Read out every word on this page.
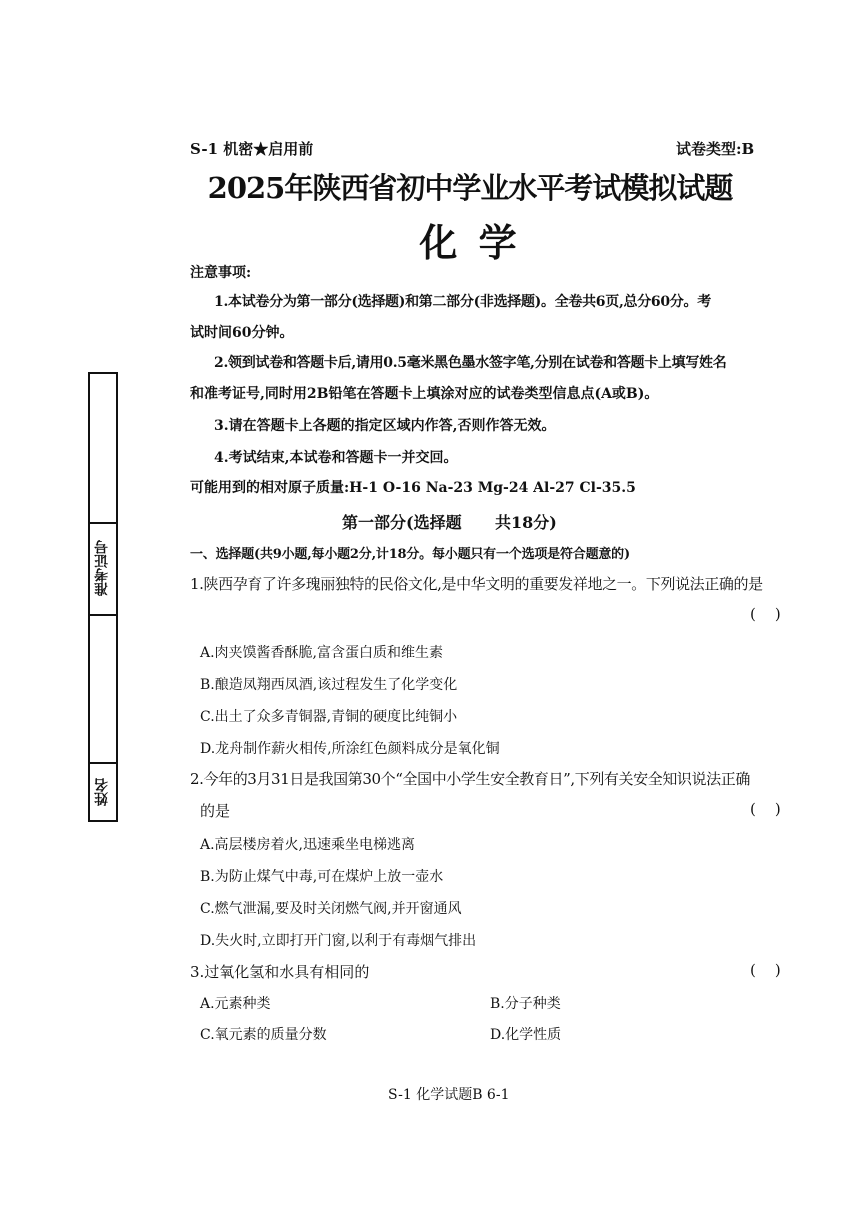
准考证号
姓名
S-1 机密★启用前	试卷类型:B
2025年陕西省初中学业水平考试模拟试题
化 学
注意事项:
1.本试卷分为第一部分(选择题)和第二部分(非选择题)。全卷共6页,总分60分。考
试时间60分钟。
2.领到试卷和答题卡后,请用0.5毫米黑色墨水签字笔,分别在试卷和答题卡上填写姓名
和准考证号,同时用2B铅笔在答题卡上填涂对应的试卷类型信息点(A或B)。
3.请在答题卡上各题的指定区域内作答,否则作答无效。
4.考试结束,本试卷和答题卡一并交回。
可能用到的相对原子质量:H-1 O-16 Na-23 Mg-24 Al-27 Cl-35.5
第一部分(选择题      共18分)
一、选择题(共9小题,每小题2分,计18分。每小题只有一个选项是符合题意的)
1.陕西孕育了许多瑰丽独特的民俗文化,是中华文明的重要发祥地之一。下列说法正确的是
(    )
A.肉夹馍酱香酥脆,富含蛋白质和维生素
B.酿造凤翔西凤酒,该过程发生了化学变化
C.出土了众多青铜器,青铜的硬度比纯铜小
D.龙舟制作薪火相传,所涂红色颜料成分是氧化铜
2.今年的3月31日是我国第30个“全国中小学生安全教育日”,下列有关安全知识说法正确
的是	(    )
A.高层楼房着火,迅速乘坐电梯逃离
B.为防止煤气中毒,可在煤炉上放一壶水
C.燃气泄漏,要及时关闭燃气阀,并开窗通风
D.失火时,立即打开门窗,以利于有毒烟气排出
3.过氧化氢和水具有相同的	(    )
A.元素种类	B.分子种类
C.氧元素的质量分数	D.化学性质
S-1 化学试题B 6-1
